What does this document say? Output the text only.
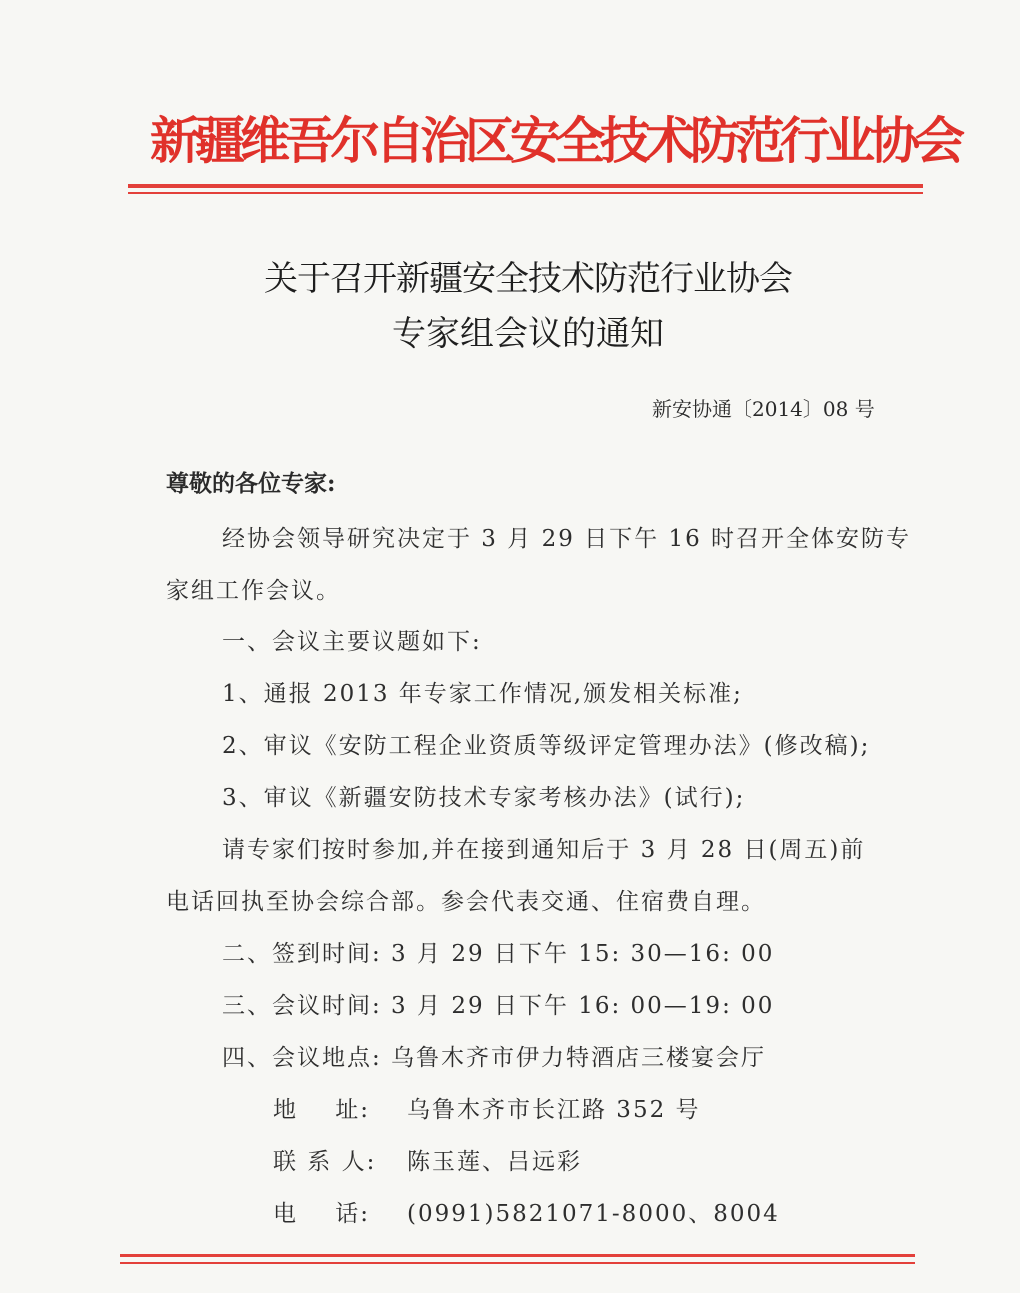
新疆维吾尔自治区安全技术防范行业协会
关于召开新疆安全技术防范行业协会
专家组会议的通知
新安协通〔2014〕08 号
尊敬的各位专家:
经协会领导研究决定于 3 月 29 日下午 16 时召开全体安防专
家组工作会议。
一、会议主要议题如下:
1、通报 2013 年专家工作情况,颁发相关标准;
2、审议《安防工程企业资质等级评定管理办法》(修改稿);
3、审议《新疆安防技术专家考核办法》(试行);
请专家们按时参加,并在接到通知后于 3 月 28 日(周五)前
电话回执至协会综合部。参会代表交通、住宿费自理。
二、签到时间: 3 月 29 日下午 15: 30—16: 00
三、会议时间: 3 月 29 日下午 16: 00—19: 00
四、会议地点: 乌鲁木齐市伊力特酒店三楼宴会厅
地    址: 乌鲁木齐市长江路 352 号
联 系 人: 陈玉莲、吕远彩
电    话: (0991)5821071-8000、8004
